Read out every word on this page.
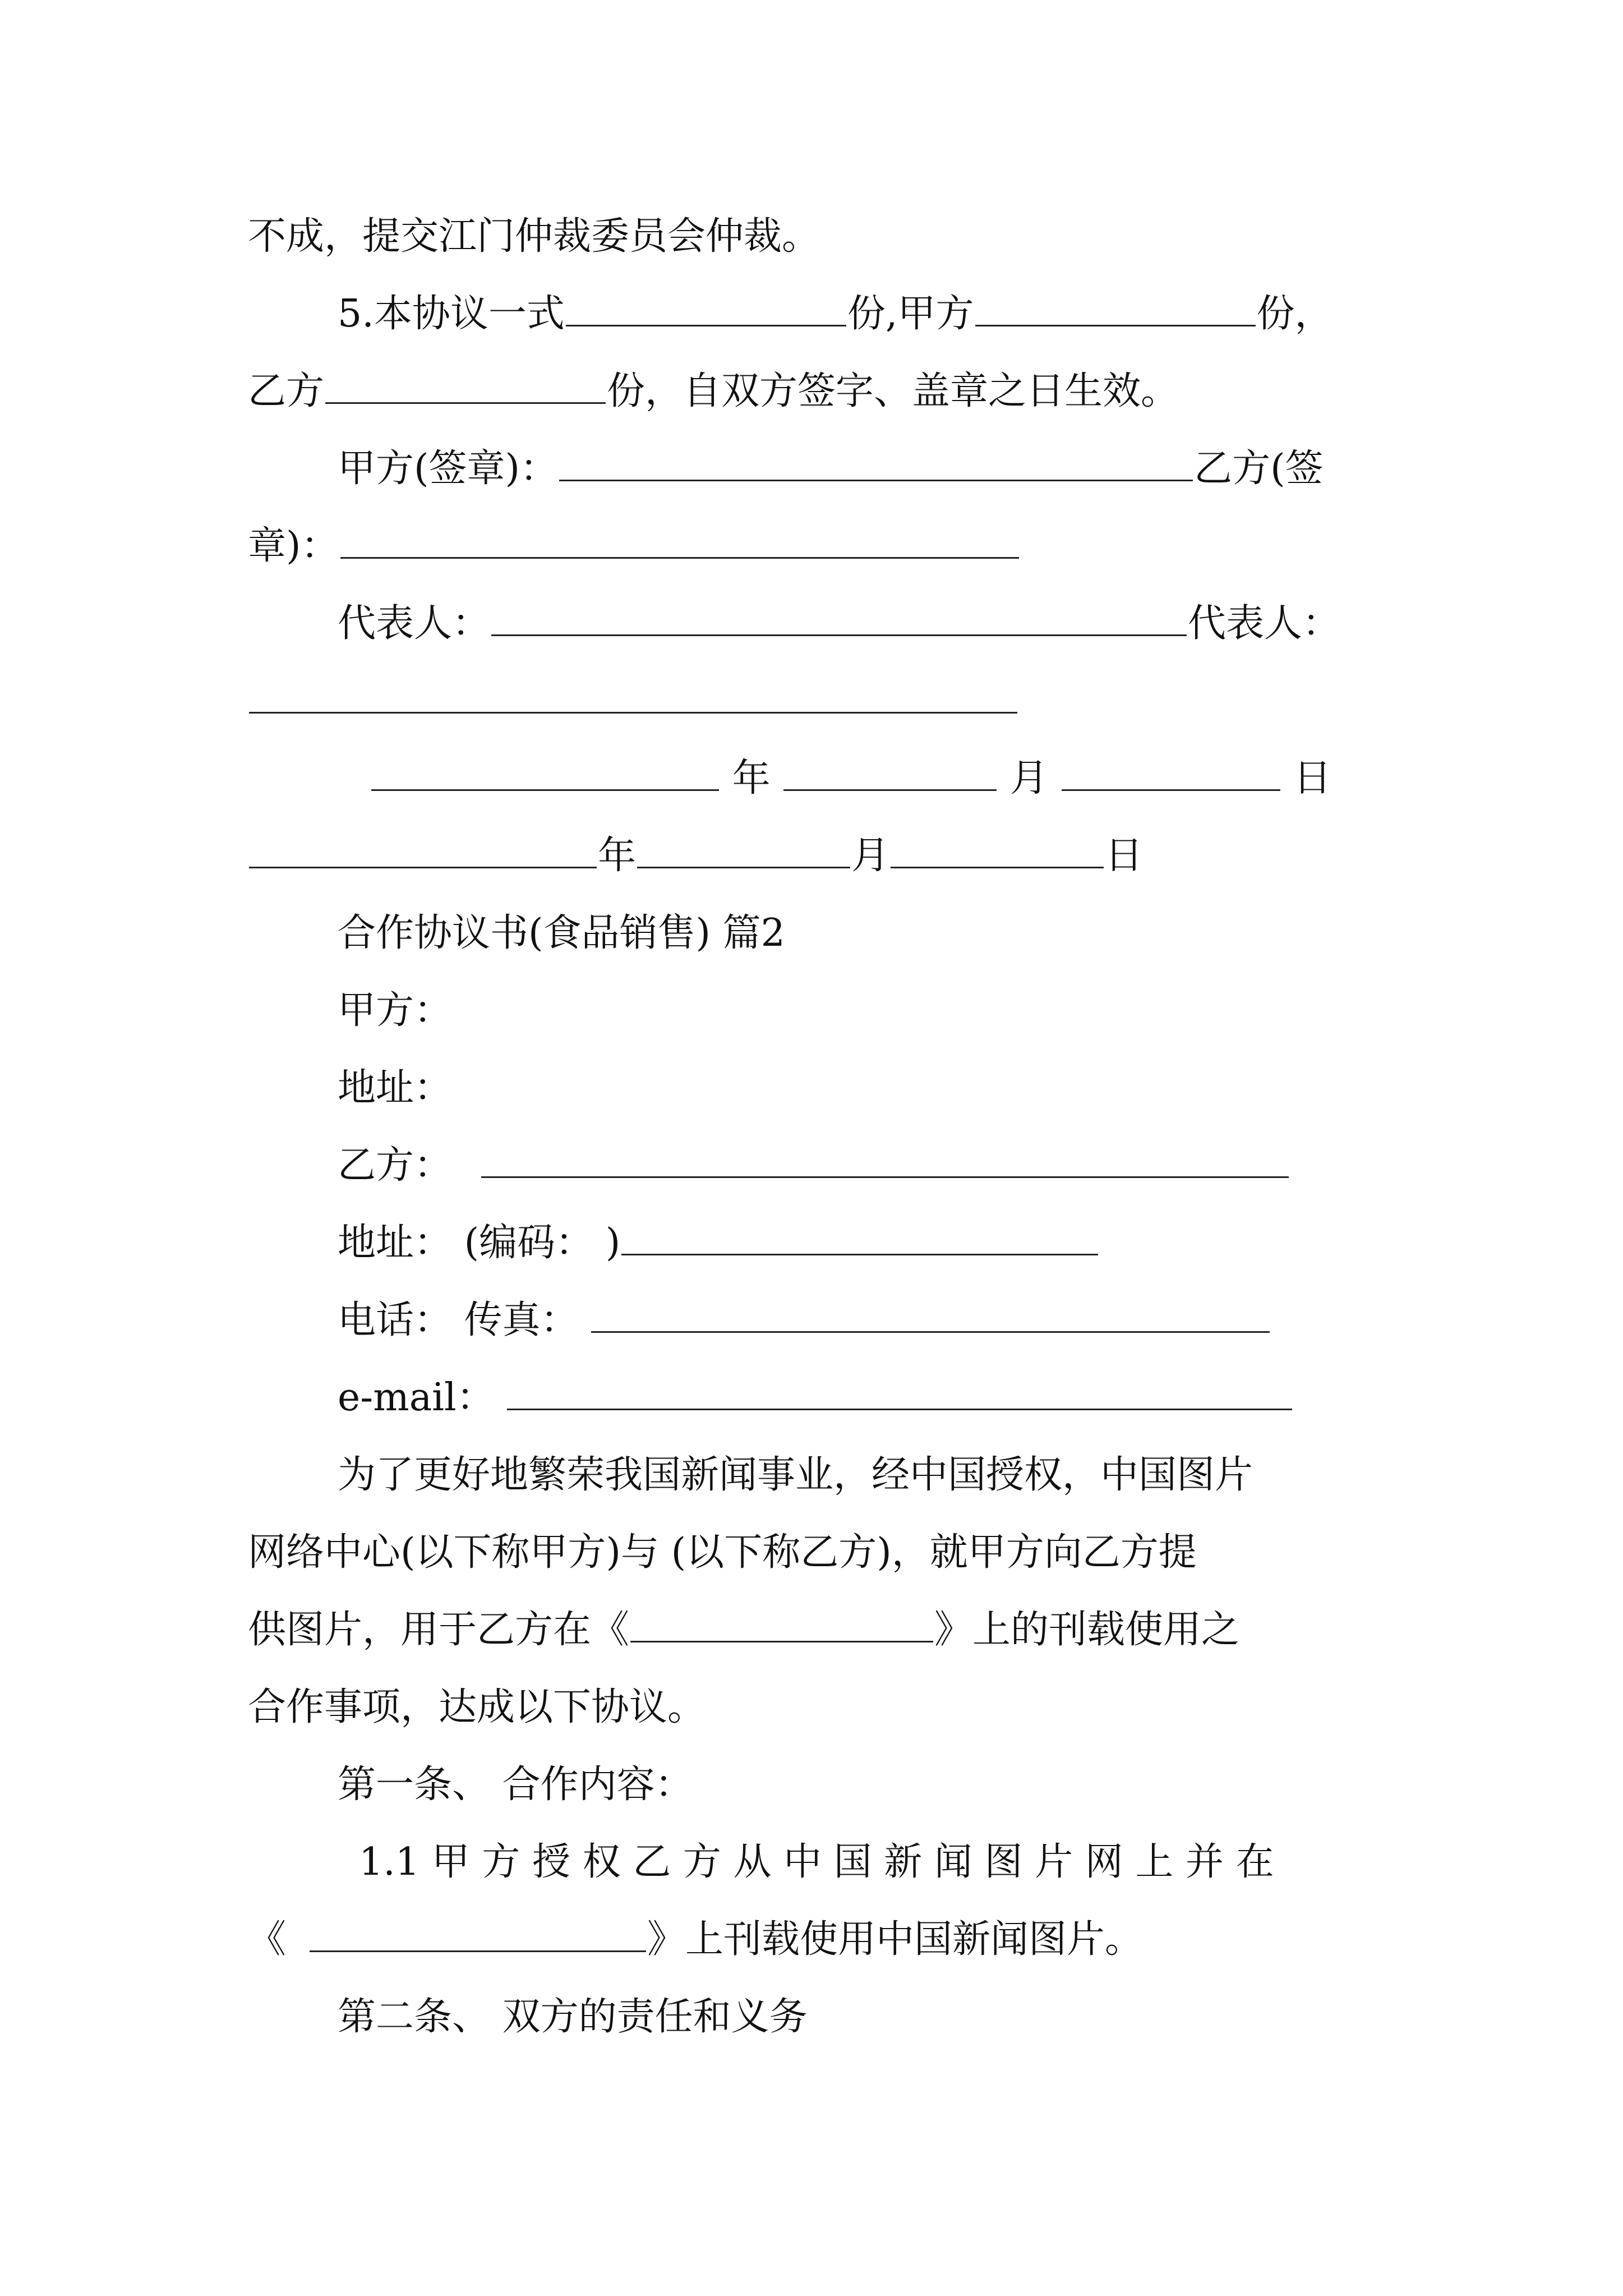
不成，提交江门仲裁委员会仲裁。
5.本协议一式	份,甲方	份，
乙方	份，自双方签字、盖章之日生效。
甲方(签章)：	乙方(签
章)：
代表人：	代表人：
年	月	日
年	月	日
合作协议书(食品销售) 篇2
甲方：
地址：
乙方：
地址： (编码： )
电话： 传真：
e-mail：
为了更好地繁荣我国新闻事业，经中国授权，中国图片
网络中心(以下称甲方)与 (以下称乙方)，就甲方向乙方提
供图片，用于乙方在《	》上的刊载使用之
合作事项，达成以下协议。
第一条、 合作内容：
1.1 甲 方 授 权 乙 方 从 中 国 新 闻 图 片 网 上 并 在
《	》上刊载使用中国新闻图片。
第二条、 双方的责任和义务
